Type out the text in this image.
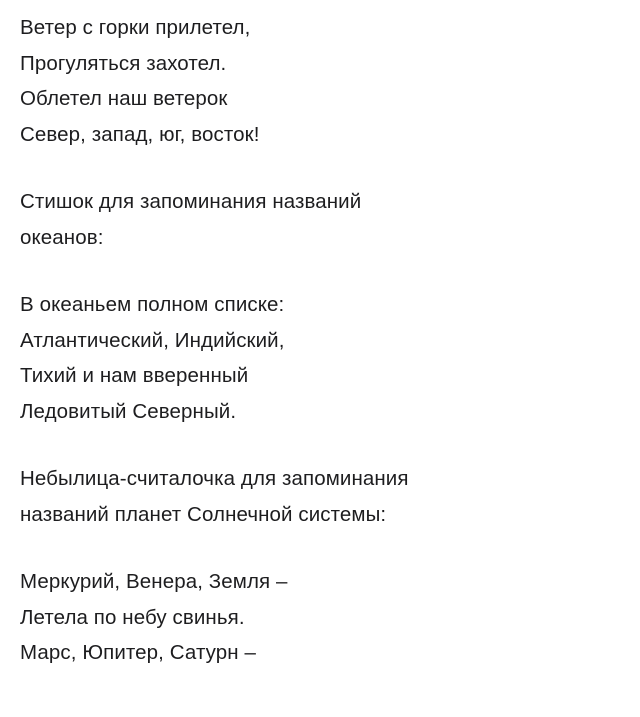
Ветер с горки прилетел,
Прогуляться захотел.
Облетел наш ветерок
Север, запад, юг, восток!
Стишок для запоминания названий
океанов:
В океаньем полном списке:
Атлантический, Индийский,
Тихий и нам вверенный
Ледовитый Северный.
Небылица-считалочка для запоминания
названий планет Солнечной системы:
Меркурий, Венера, Земля –
Летела по небу свинья.
Марс, Юпитер, Сатурн –
